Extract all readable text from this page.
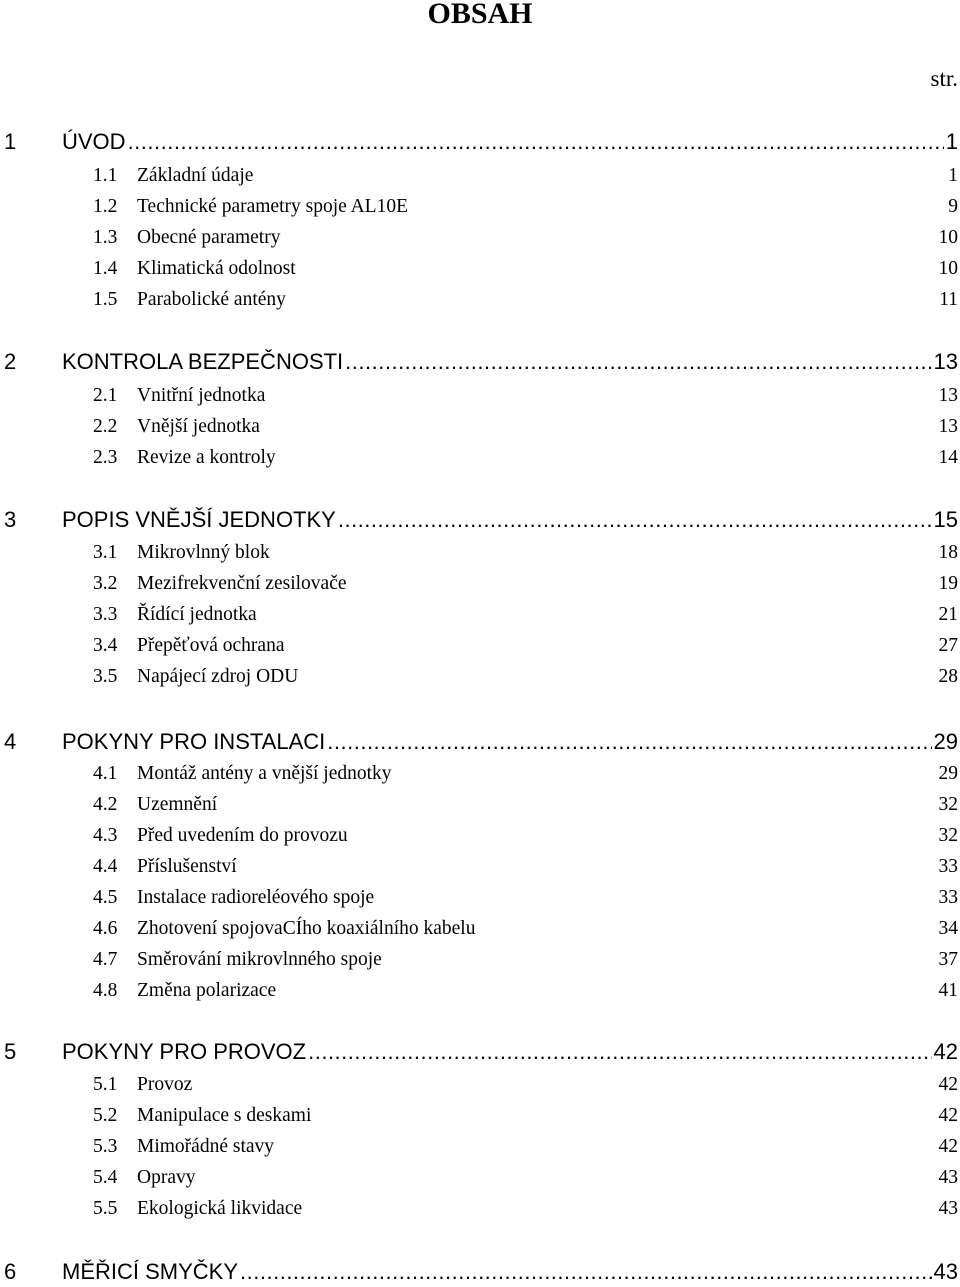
OBSAH
str.
1 ÚVOD .....	1
1.1 Základní údaje	1
1.2 Technické parametry spoje AL10E	9
1.3 Obecné parametry	10
1.4 Klimatická odolnost	10
1.5 Parabolické antény	11
2 KONTROLA BEZPEČNOSTI .....	13
2.1 Vnitřní jednotka	13
2.2 Vnější jednotka	13
2.3 Revize a kontroly	14
3 POPIS VNĚJŠÍ JEDNOTKY .....	15
3.1 Mikrovlnný blok	18
3.2 Mezifrekvenční zesilovače	19
3.3 Řídící jednotka	21
3.4 Přepěťová ochrana	27
3.5 Napájecí zdroj ODU	28
4 POKYNY PRO INSTALACI .....	29
4.1 Montáž antény a vnější jednotky	29
4.2 Uzemnění	32
4.3 Před uvedením do provozu	32
4.4 Příslušenství	33
4.5 Instalace radioreléového spoje	33
4.6 Zhotovení spojovaCÍho koaxiálního kabelu	34
4.7 Směrování mikrovlnného spoje	37
4.8 Změna polarizace	41
5 POKYNY PRO PROVOZ .....	42
5.1 Provoz	42
5.2 Manipulace s deskami	42
5.3 Mimořádné stavy	42
5.4 Opravy	43
5.5 Ekologická likvidace	43
6 MĚŘICÍ SMYČKY .....	43
